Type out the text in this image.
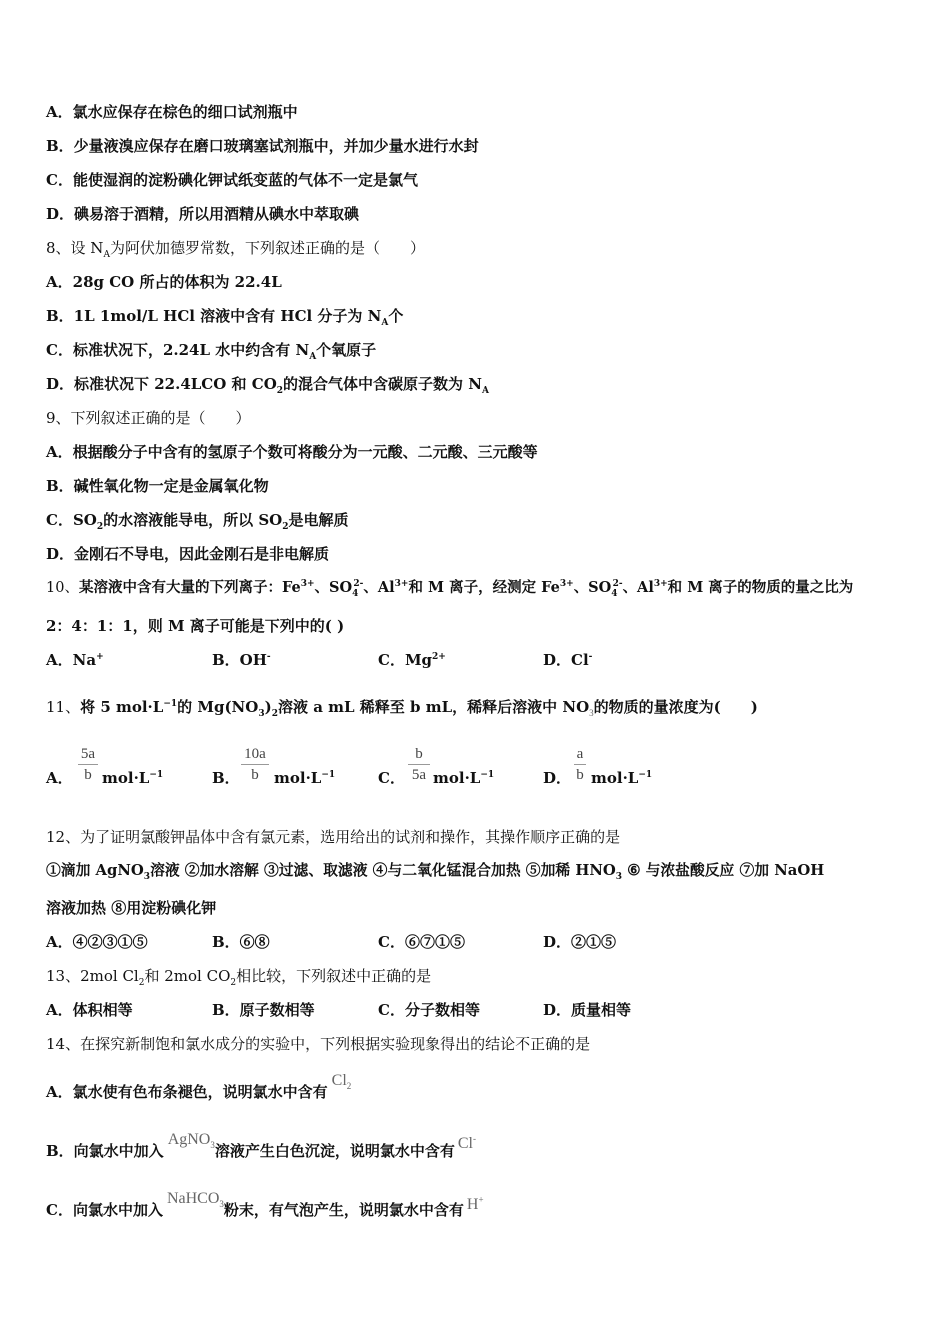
A．氯水应保存在棕色的细口试剂瓶中
B．少量液溴应保存在磨口玻璃塞试剂瓶中，并加少量水进行水封
C．能使湿润的淀粉碘化钾试纸变蓝的气体不一定是氯气
D．碘易溶于酒精，所以用酒精从碘水中萃取碘
8、设 $N_A$为阿伏加德罗常数，下列叙述正确的是（　　）
A．28g CO 所占的体积为 22.4L
B．1L 1mol/L HCl 溶液中含有 HCl 分子为 $N_A$个
C．标准状况下，2.24L 水中约含有 $N_A$个氧原子
D．标准状况下 22.4LCO 和 $CO_2$的混合气体中含碳原子数为 $N_A$
9、下列叙述正确的是（　　）
A．根据酸分子中含有的氢原子个数可将酸分为一元酸、二元酸、三元酸等
B．碱性氧化物一定是金属氧化物
C．$SO_2$的水溶液能导电，所以 $SO_2$是电解质
D．金刚石不导电，因此金刚石是非电解质
10、某溶液中含有大量的下列离子：$Fe^{3+}$、$SO_4^{2-}$、$Al^{3+}$和 M 离子，经测定 $Fe^{3+}$、$SO_4^{2-}$、$Al^{3+}$和 M 离子的物质的量之比为
2：4：1：1，则 M 离子可能是下列中的( )
A．Na+	B．OH-	C．$Mg^{2+}$	D．Cl-
11、将 5 $mol\cdot L^{-1}$的 $Mg(NO_3)_2$溶液 a mL 稀释至 b mL，稀释后溶液中 $NO_3$的物质的量浓度为(　　)
A．
5a
b $mol\cdot L^{-1}$	B．
10a
b	$mol\cdot L^{-1}$	C．
b
5a $mol\cdot L^{-1}$	D．
a
b $mol\cdot L^{-1}$
12、为了证明氯酸钾晶体中含有氯元素，选用给出的试剂和操作，其操作顺序正确的是
①滴加 AgNO$_3$溶液 ②加水溶解 ③过滤、取滤液 ④与二氧化锰混合加热 ⑤加稀 $HNO_3$ ⑥ 与浓盐酸反应 ⑦加 NaOH
溶液加热 ⑧用淀粉碘化钾
A．④②③①⑤	B．⑥⑧	C．⑥⑦①⑤	D．②①⑤
13、2mol $Cl_2$和 2mol $CO_2$相比较，下列叙述中正确的是
A．体积相等	B．原子数相等	C．分子数相等	D．质量相等
14、在探究新制饱和氯水成分的实验中，下列根据实验现象得出的结论不正确的是
A．氯水使有色布条褪色，说明氯水中含有$Cl_2$
B．向氯水中加入AgNO$_3$溶液产生白色沉淀，说明氯水中含有 Cl-
C．向氯水中加入NaHCO$_3$粉末，有气泡产生，说明氯水中含有 H+
